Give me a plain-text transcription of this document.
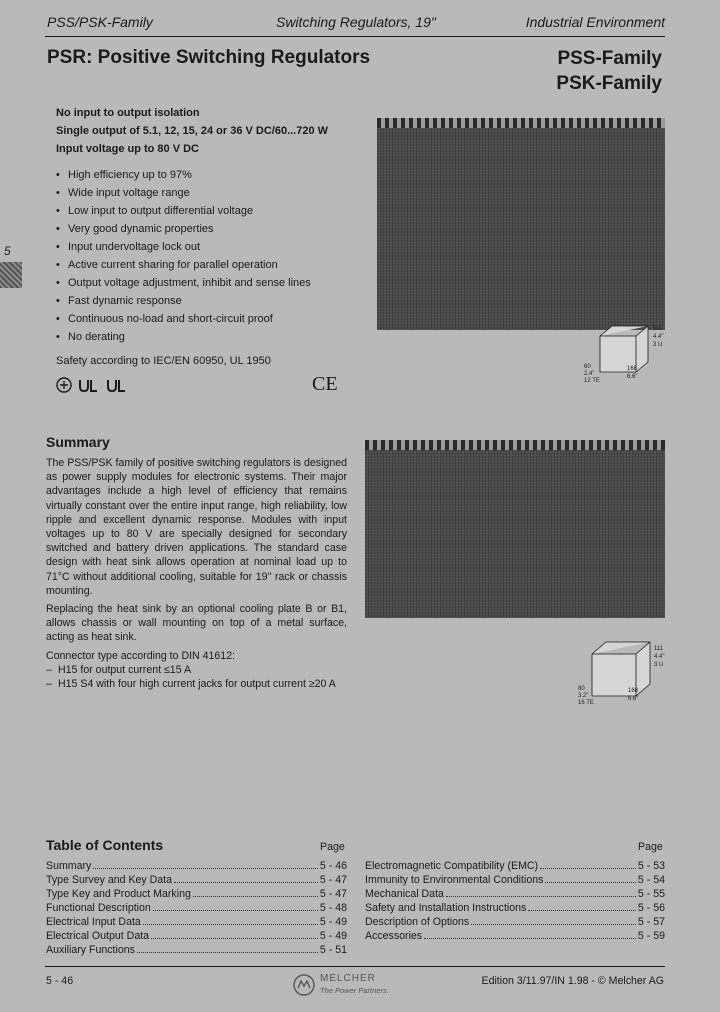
PSS/PSK-Family	Switching Regulators, 19"	Industrial Environment
PSR: Positive Switching Regulators	PSS-Family
PSK-Family
5
No input to output isolation
Single output of 5.1, 12, 15, 24 or 36 V DC/60...720 W
Input voltage up to 80 V DC
• High efficiency up to 97%
• Wide input voltage range
• Low input to output differential voltage
• Very good dynamic properties
• Input undervoltage lock out
• Active current sharing for parallel operation
• Output voltage adjustment, inhibit and sense lines
• Fast dynamic response
• Continuous no-load and short-circuit proof
• No derating
Safety according to IEC/EN 60950, UL 1950
CE
111
4.4"
3 U
60
2.4"
12 TE
168
6.6"
Summary

The PSS/PSK family of positive switching regulators is designed as power supply modules for electronic systems. Their major advantages include a high level of efficiency that remains virtually constant over the entire input range, high reliability, low ripple and excellent dynamic response. Modules with input voltages up to 80 V are specially designed for secondary switched and battery driven applications. The standard case design with heat sink allows operation at nominal load up to 71°C without additional cooling, suitable for 19" rack or chassis mounting.

Replacing the heat sink by an optional cooling plate B or B1, allows chassis or wall mounting on top of a metal surface, acting as heat sink.

Connector type according to DIN 41612:
– H15 for output current ≤15 A
– H15 S4 with four high current jacks for output current ≥20 A
111
4.4"
3 U
80
3.2"
16 TE
168
6.6"
Table of Contents	Page	Page
Summary	5 - 46
Type Survey and Key Data	5 - 47
Type Key and Product Marking	5 - 47
Functional Description	5 - 48
Electrical Input Data	5 - 49
Electrical Output Data	5 - 49
Auxiliary Functions	5 - 51
Electromagnetic Compatibility (EMC)	5 - 53
Immunity to Environmental Conditions	5 - 54
Mechanical Data	5 - 55
Safety and Installation Instructions	5 - 56
Description of Options	5 - 57
Accessories	5 - 59
5 - 46	MELCHER
The Power Partners.
Edition 3/11.97/IN 1.98 - © Melcher AG
